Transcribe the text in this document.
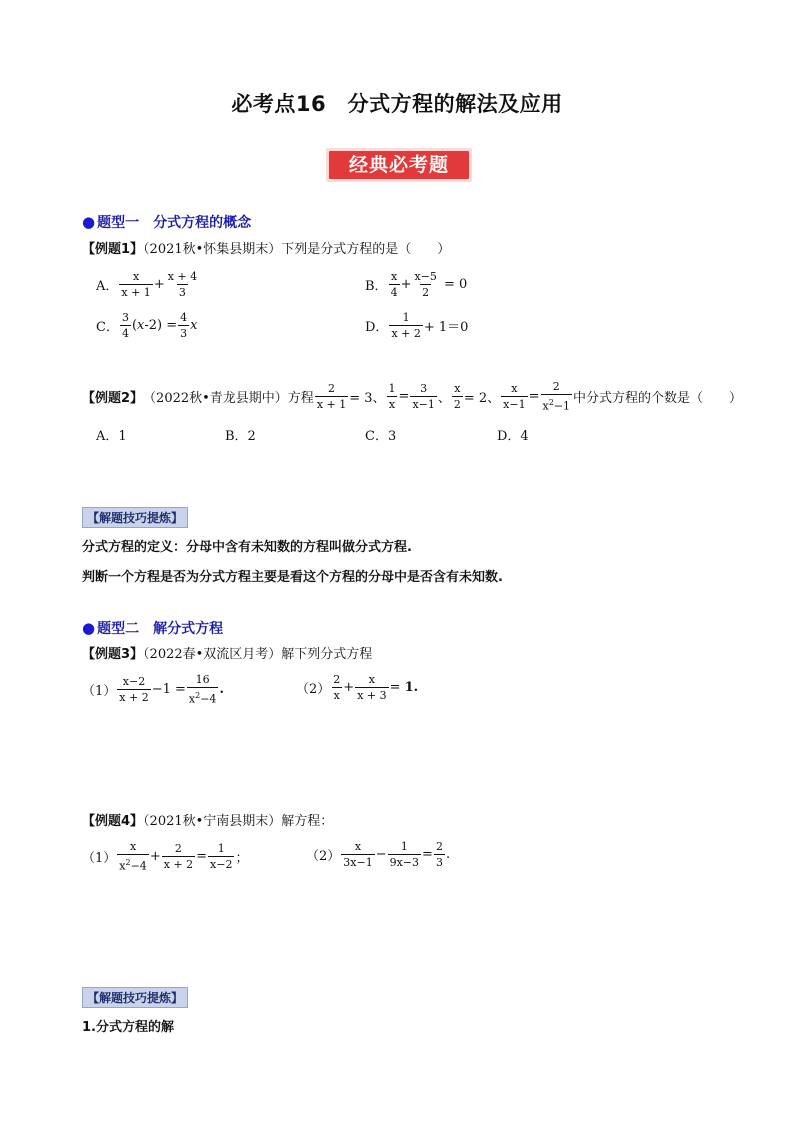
必考点16　分式方程的解法及应用
经典必考题
● 题型一 分式方程的概念
【例题1】（2021秋•怀集县期末）下列是分式方程的是（　　）
A． $\frac{x}{x + 1} + \frac{x + 4}{3}$	B． $\frac{x}{4} + \frac{x-5}{2} = 0$
C． $\frac{3}{4} (x-2) = \frac{4}{3}$ x	D． $\frac{1}{x + 2} + 1=0$
【例题2】 （2022秋•青龙县期中）方程 $\frac{2}{x + 1} = 3$、 $\frac{1}{x} = \frac{3}{x-1}$ 、 $\frac{x}{2} = 2$、 $\frac{x}{x-1} = \frac{2}{x^2-1}$ 中分式方程的个数是（　　）
A．1	B．2	C．3	D．4
【解题技巧提炼】
分式方程的定义：分母中含有未知数的方程叫做分式方程.
判断一个方程是否为分式方程主要是看这个方程的分母中是否含有未知数.
● 题型二 解分式方程
【例题3】（2022春•双流区月考）解下列分式方程
$(1) \frac{x-2}{x + 2} -1 = \frac{16}{x^2-4}$ .	$(2) \frac{2}{x} + \frac{x}{x + 3} = 1$.
【例题4】（2021秋•宁南县期末）解方程：
$(1) \frac{x}{x^2-4} + \frac{2}{x + 2} = \frac{1}{x-2}$ ；	$(2) \frac{x}{3x-1} - \frac{1}{9x-3} = \frac{2}{3}$ .
【解题技巧提炼】
1.分式方程的解
